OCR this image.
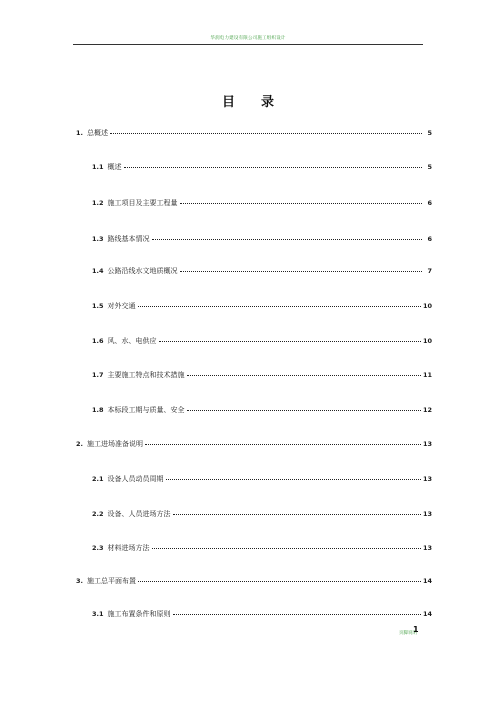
华润电力建设有限公司施工组织设计
目录
1. 总概述	5
1.1 概述	5
1.2 施工项目及主要工程量	6
1.3 路线基本情况	6
1.4 公路沿线水文地质概况	7
1.5 对外交通	10
1.6 风、水、电供应	10
1.7 主要施工特点和技术措施	11
1.8 本标段工期与质量、安全	12
2. 施工进场准备说明	13
2.1 设备人员动员周期	13
2.2 设备、人员进场方法	13
2.3 材料进场方法	13
3. 施工总平面布置	14
3.1 施工布置条件和原则	14
页脚说明
1
